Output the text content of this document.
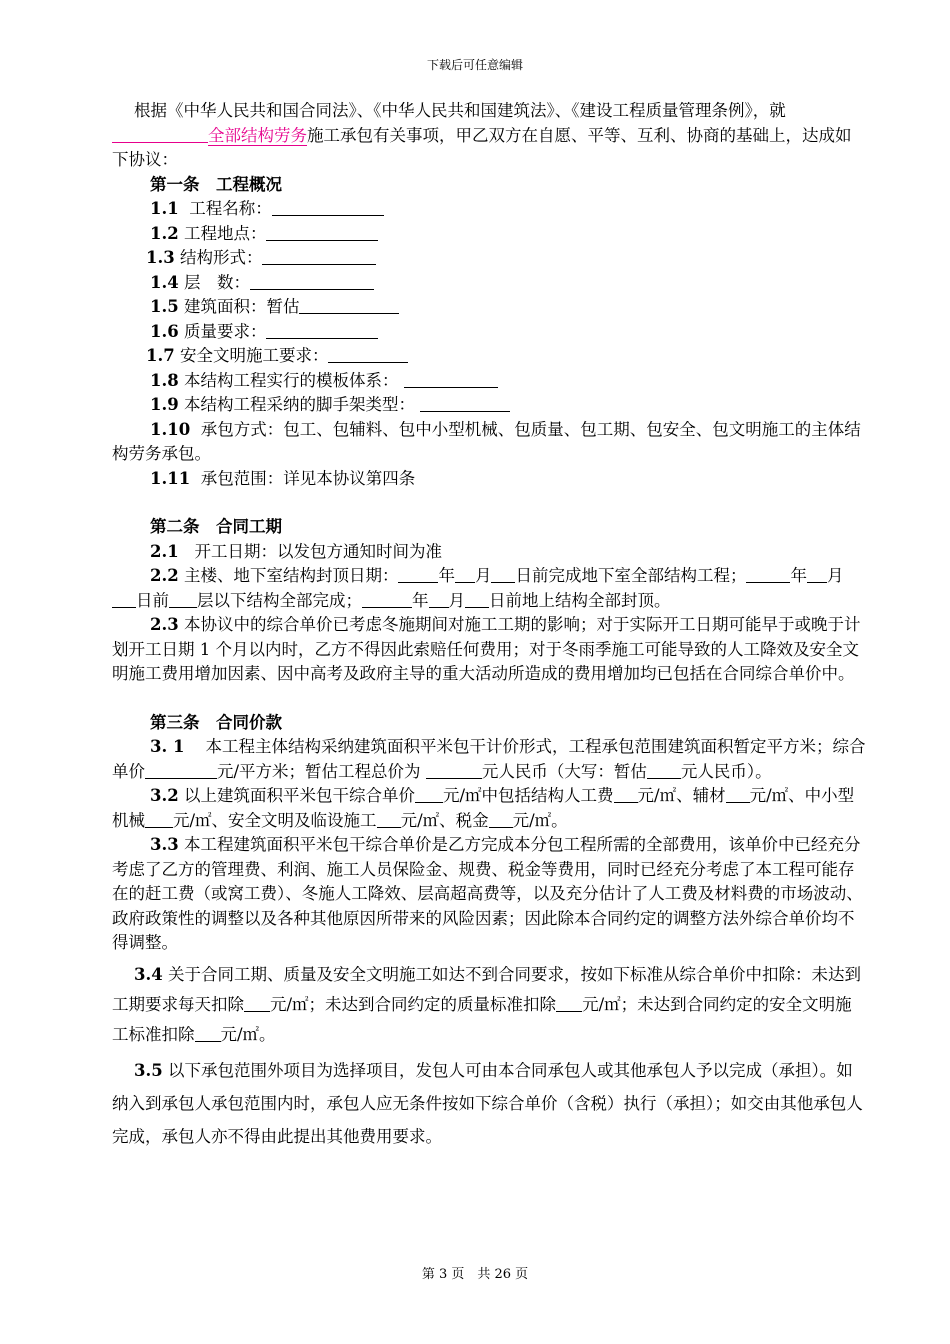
下载后可任意编辑

根据《中华人民共和国合同法》、《中华人民共和国建筑法》、《建设工程质量管理条例》，就全部结构劳务施工承包有关事项，甲乙双方在自愿、平等、互利、协商的基础上，达成如下协议：

第一条　工程概况

1.1 工程名称：

1.2 工程地点：

1.3 结构形式：

1.4 层　数：

1.5 建筑面积：暂估

1.6 质量要求：

1.7 安全文明施工要求：

1.8 本结构工程实行的模板体系：

1.9 本结构工程采纳的脚手架类型：

1.10 承包方式：包工、包辅料、包中小型机械、包质量、包工期、包安全、包文明施工的主体结构劳务承包。

1.11 承包范围：详见本协议第四条

第二条　合同工期

2.1 开工日期：以发包方通知时间为准

2.2 主楼、地下室结构封顶日期： 年 月 日前完成地下室全部结构工程；	年 月日前 层以下结构全部完成；	年 月 日前地上结构全部封顶。

2.3 本协议中的综合单价已考虑冬施期间对施工工期的影响；对于实际开工日期可能早于或晚于计划开工日期 1 个月以内时，乙方不得因此索赔任何费用；对于冬雨季施工可能导致的人工降效及安全文明施工费用增加因素、因中高考及政府主导的重大活动所造成的费用增加均已包括在合同综合单价中。

第三条　合同价款

3. 1 本工程主体结构采纳建筑面积平米包干计价形式，工程承包范围建筑面积暂定平方米；综合单价	元/平方米；暂估工程总价为	元人民币（大写：暂估 元人民币）。

3.2 以上建筑面积平米包干综合单价 元/㎡中包括结构人工费 元/㎡、辅材 元/㎡、中小型机械 元/㎡、安全文明及临设施工 元/㎡、税金 元/㎡。

3.3 本工程建筑面积平米包干综合单价是乙方完成本分包工程所需的全部费用，该单价中已经充分考虑了乙方的管理费、利润、施工人员保险金、规费、税金等费用，同时已经充分考虑了本工程可能存在的赶工费（或窝工费）、冬施人工降效、层高超高费等，以及充分估计了人工费及材料费的市场波动、政府政策性的调整以及各种其他原因所带来的风险因素；因此除本合同约定的调整方法外综合单价均不得调整。

3.4 关于合同工期、质量及安全文明施工如达不到合同要求，按如下标准从综合单价中扣除：未达到工期要求每天扣除 元/㎡；未达到合同约定的质量标准扣除 元/㎡；未达到合同约定的安全文明施工标准扣除 元/㎡。

3.5 以下承包范围外项目为选择项目，发包人可由本合同承包人或其他承包人予以完成（承担）。如纳入到承包人承包范围内时，承包人应无条件按如下综合单价（含税）执行（承担）；如交由其他承包人完成，承包人亦不得由此提出其他费用要求。

第 3 页　共 26 页
